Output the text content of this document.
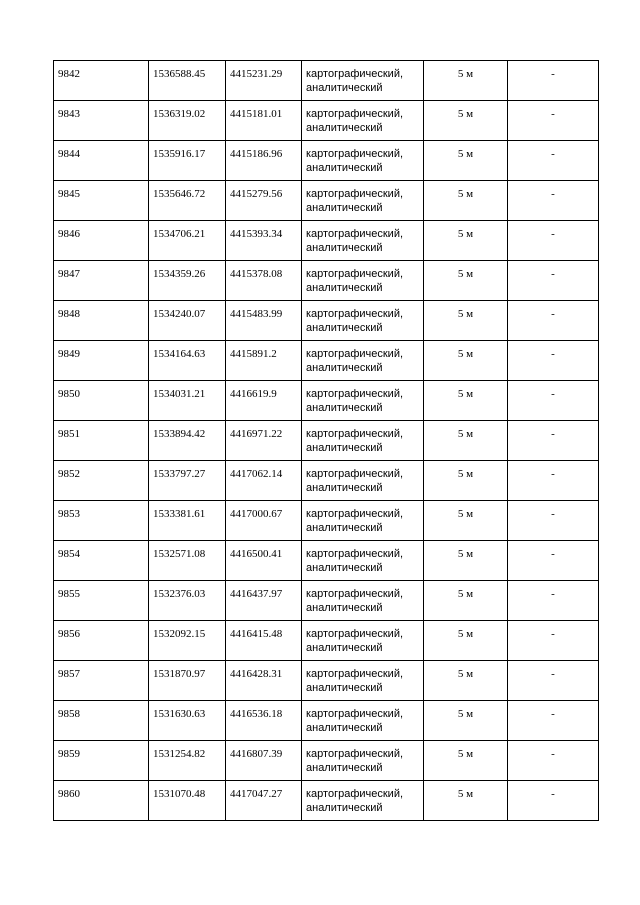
9842	1536588.45	4415231.29	картографический,
аналитический	5 м	-
9843	1536319.02	4415181.01	картографический,
аналитический	5 м	-
9844	1535916.17	4415186.96	картографический,
аналитический	5 м	-
9845	1535646.72	4415279.56	картографический,
аналитический	5 м	-
9846	1534706.21	4415393.34	картографический,
аналитический	5 м	-
9847	1534359.26	4415378.08	картографический,
аналитический	5 м	-
9848	1534240.07	4415483.99	картографический,
аналитический	5 м	-
9849	1534164.63	4415891.2	картографический,
аналитический	5 м	-
9850	1534031.21	4416619.9	картографический,
аналитический	5 м	-
9851	1533894.42	4416971.22	картографический,
аналитический	5 м	-
9852	1533797.27	4417062.14	картографический,
аналитический	5 м	-
9853	1533381.61	4417000.67	картографический,
аналитический	5 м	-
9854	1532571.08	4416500.41	картографический,
аналитический	5 м	-
9855	1532376.03	4416437.97	картографический,
аналитический	5 м	-
9856	1532092.15	4416415.48	картографический,
аналитический	5 м	-
9857	1531870.97	4416428.31	картографический,
аналитический	5 м	-
9858	1531630.63	4416536.18	картографический,
аналитический	5 м	-
9859	1531254.82	4416807.39	картографический,
аналитический	5 м	-
9860	1531070.48	4417047.27	картографический,
аналитический	5 м	-
